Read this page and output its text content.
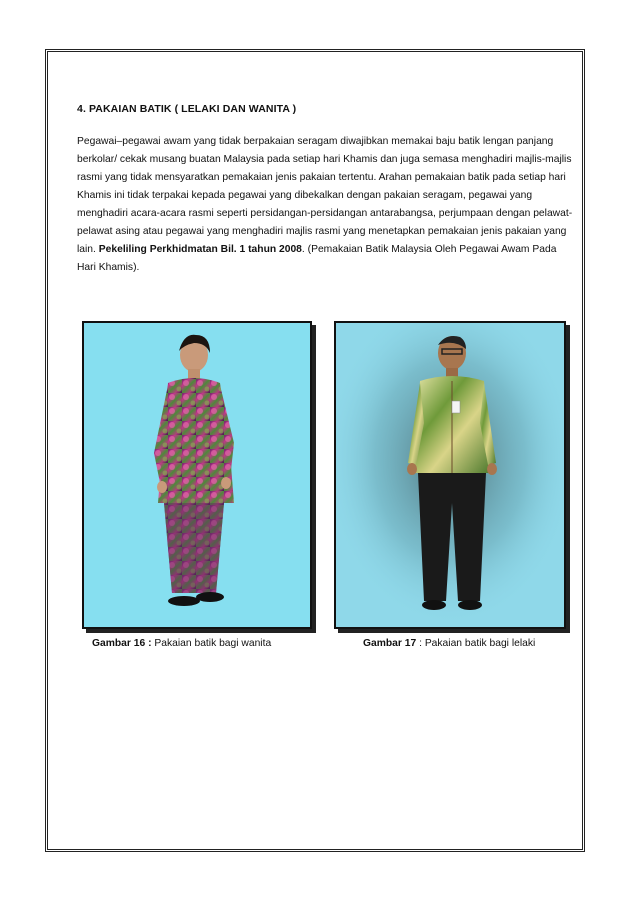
4. PAKAIAN BATIK ( LELAKI DAN WANITA )
Pegawai–pegawai awam yang tidak berpakaian seragam diwajibkan memakai baju batik lengan panjang berkolar/ cekak musang buatan Malaysia pada setiap hari Khamis dan juga semasa menghadiri majlis-majlis rasmi yang tidak mensyaratkan pemakaian jenis pakaian tertentu. Arahan pemakaian batik pada setiap hari Khamis ini tidak terpakai kepada pegawai yang dibekalkan dengan pakaian seragam, pegawai yang menghadiri acara-acara rasmi seperti persidangan-persidangan antarabangsa, perjumpaan dengan pelawat-pelawat asing atau pegawai yang menghadiri majlis rasmi yang menetapkan pemakaian jenis pakaian yang lain. Pekeliling Perkhidmatan Bil. 1 tahun 2008. (Pemakaian Batik Malaysia Oleh Pegawai Awam Pada Hari Khamis).
Gambar 16 : Pakaian batik bagi wanita	Gambar 17 : Pakaian batik bagi lelaki
